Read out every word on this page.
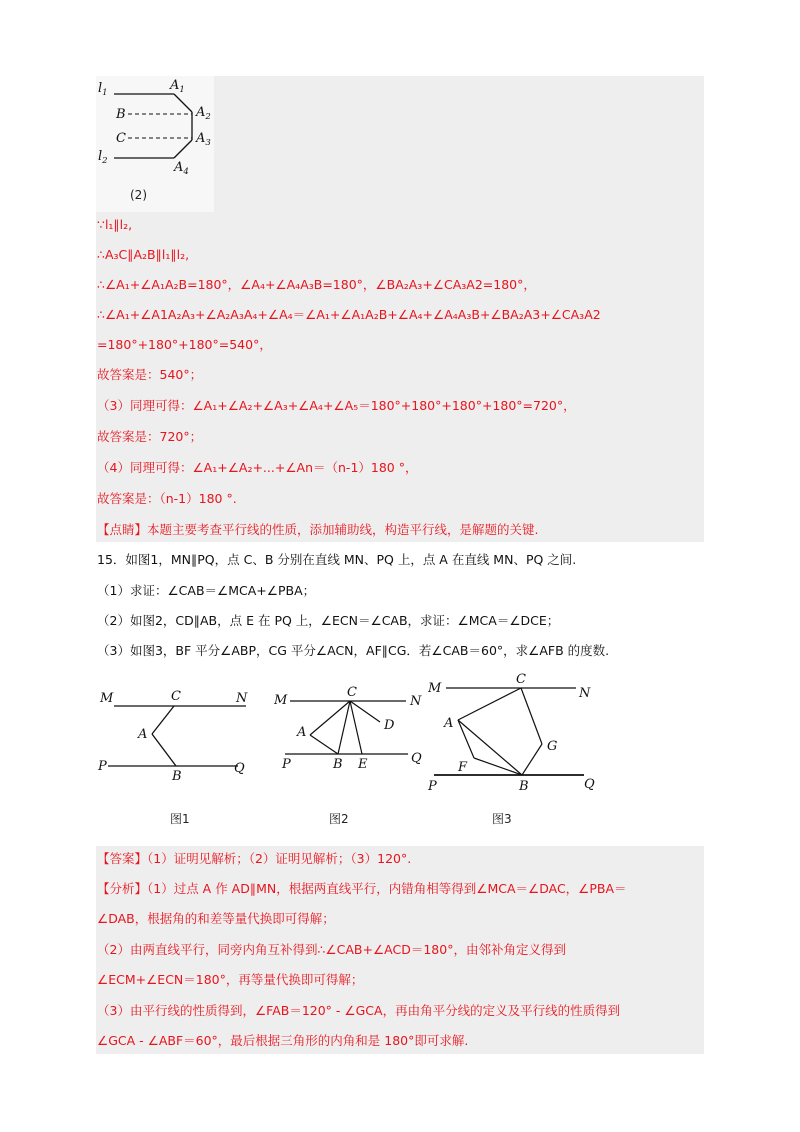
$l_1$
$l_2$
$A_1$
$A_2$
$A_3$
$A_4$
B
C
(2)
∵l₁∥l₂,
∴A₃C∥A₂B∥l₁∥l₂,
∴∠A₁+∠A₁A₂B=180°，∠A₄+∠A₄A₃B=180°，∠BA₂A₃+∠CA₃A2=180°，
∴∠A₁+∠A1A₂A₃+∠A₂A₃A₄+∠A₄＝∠A₁+∠A₁A₂B+∠A₄+∠A₄A₃B+∠BA₂A3+∠CA₃A2
=180°+180°+180°=540°，
故答案是：540°；
（3）同理可得：∠A₁+∠A₂+∠A₃+∠A₄+∠A₅＝180°+180°+180°+180°=720°，
故答案是：720°；
（4）同理可得：∠A₁+∠A₂+...+∠An＝（n-1）180 °，
故答案是：（n-1）180 °.
【点睛】本题主要考查平行线的性质，添加辅助线，构造平行线，是解题的关键.
15．如图1，MN∥PQ，点 C、B 分别在直线 MN、PQ 上，点 A 在直线 MN、PQ 之间.
（1）求证：∠CAB＝∠MCA+∠PBA；
（2）如图2，CD∥AB，点 E 在 PQ 上，∠ECN＝∠CAB，求证：∠MCA＝∠DCE；
（3）如图3，BF 平分∠ABP，CG 平分∠ACN，AF∥CG．若∠CAB＝60°，求∠AFB 的度数.
M	N
C
A
P
B
Q
图1
M	N
C
D
A
P	B E	Q
图2
M	N
C
A
G
F
P	B	Q
图3
【答案】（1）证明见解析；（2）证明见解析；（3）120°.
【分析】（1）过点 A 作 AD∥MN，根据两直线平行，内错角相等得到∠MCA＝∠DAC，∠PBA＝
∠DAB，根据角的和差等量代换即可得解；
（2）由两直线平行，同旁内角互补得到∴∠CAB+∠ACD＝180°，由邻补角定义得到
∠ECM+∠ECN＝180°，再等量代换即可得解；
（3）由平行线的性质得到，∠FAB＝120° - ∠GCA，再由角平分线的定义及平行线的性质得到
∠GCA - ∠ABF＝60°，最后根据三角形的内角和是 180°即可求解.
